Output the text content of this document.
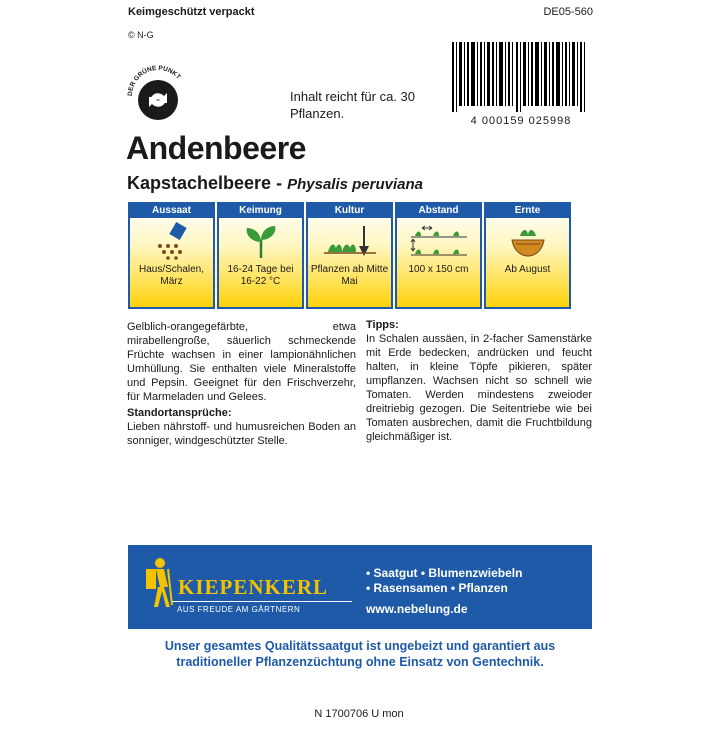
Keimgeschützt verpackt	DE05-560
© N-G
DER GRÜNE PUNKT
Inhalt reicht für ca. 30 Pflanzen.	4 000159 025998
Andenbeere
Kapstachelbeere - Physalis peruviana
Aussaat
Haus/Schalen, März
Keimung
16-24 Tage bei 16-22 °C
Kultur
Pflanzen ab Mitte Mai
Abstand
100 x 150 cm
Ernte
Ab August
Gelblich-orangegefärbte, etwa mirabellengroße, säuerlich schmeckende Früchte wachsen in einer lampionähnlichen Umhüllung. Sie enthalten viele Mineralstoffe und Pepsin. Geeignet für den Frischverzehr, für Marmeladen und Gelees.
Standortansprüche:
Lieben nährstoff- und humusreichen Boden an sonniger, windgeschützter Stelle.
Tipps:
In Schalen aussäen, in 2-facher Samenstärke mit Erde bedecken, andrücken und feucht halten, in kleine Töpfe pikieren, später umpflanzen. Wachsen nicht so schnell wie Tomaten. Werden mindestens zweioder dreitriebig gezogen. Die Seitentriebe wie bei Tomaten ausbrechen, damit die Fruchtbildung gleichmäßiger ist.
KIEPENKERL
AUS FREUDE AM GÄRTNERN
• Saatgut • Blumenzwiebeln
• Rasensamen • Pflanzen
www.nebelung.de
Unser gesamtes Qualitätssaatgut ist ungebeizt und garantiert aus traditioneller Pflanzenzüchtung ohne Einsatz von Gentechnik.
N 1700706 U mon
